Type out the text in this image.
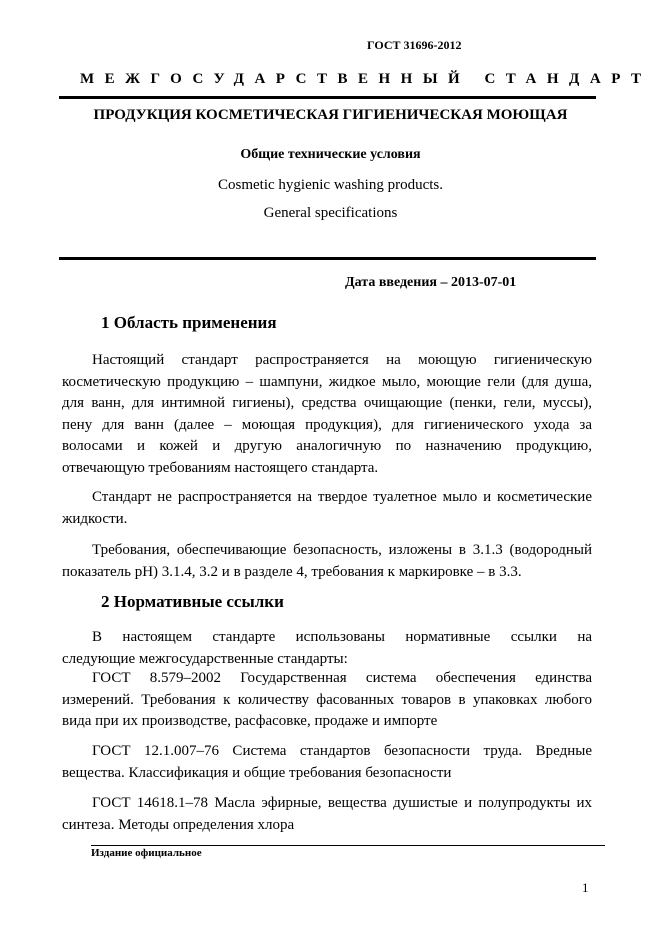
ГОСТ 31696-2012
МЕЖГОСУДАРСТВЕННЫЙ СТАНДАРТ
ПРОДУКЦИЯ КОСМЕТИЧЕСКАЯ ГИГИЕНИЧЕСКАЯ МОЮЩАЯ
Общие технические условия
Cosmetic hygienic washing products.
General specifications
Дата введения – 2013-07-01
1 Область применения
Настоящий стандарт распространяется на моющую гигиеническую
косметическую продукцию – шампуни, жидкое мыло, моющие гели (для душа,
для ванн, для интимной гигиены), средства очищающие (пенки, гели, муссы),
пену для ванн (далее – моющая продукция), для гигиенического ухода за
волосами и кожей и другую аналогичную по назначению продукцию,
отвечающую требованиям настоящего стандарта.
Стандарт не распространяется на твердое туалетное мыло и косметические
жидкости.
Требования, обеспечивающие безопасность, изложены в 3.1.3 (водородный
показатель рН) 3.1.4, 3.2 и в разделе 4, требования к маркировке – в 3.3.
2 Нормативные ссылки
В настоящем стандарте использованы нормативные ссылки на
следующие межгосударственные стандарты:
ГОСТ 8.579–2002 Государственная система обеспечения единства
измерений. Требования к количеству фасованных товаров в упаковках любого
вида при их производстве, расфасовке, продаже и импорте
ГОСТ 12.1.007–76 Система стандартов безопасности труда. Вредные
вещества. Классификация и общие требования безопасности
ГОСТ 14618.1–78 Масла эфирные, вещества душистые и полупродукты их
синтеза. Методы определения хлора
Издание официальное
1
